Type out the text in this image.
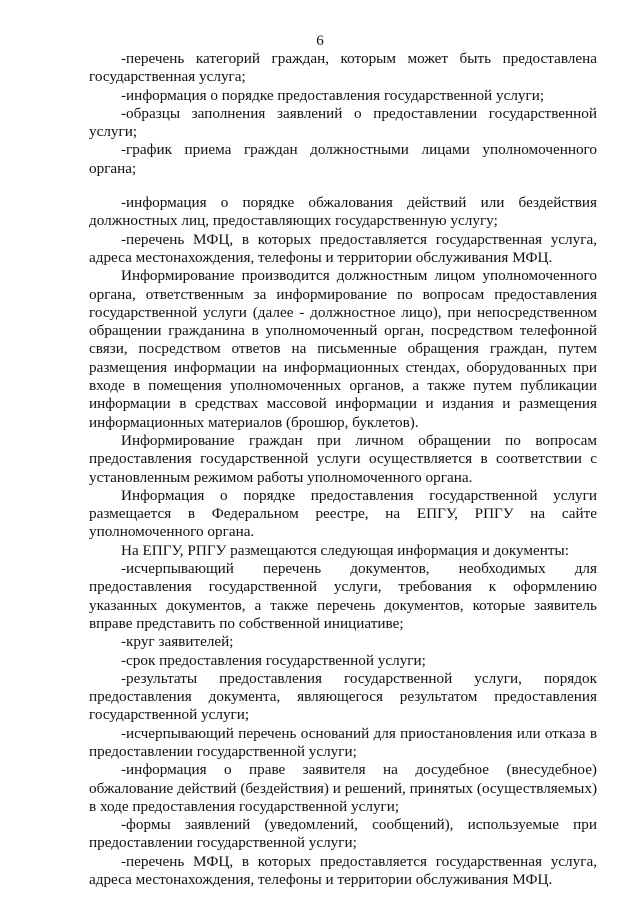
6

-перечень категорий граждан, которым может быть предоставлена государственная услуга;

-информация о порядке предоставления государственной услуги;

-образцы заполнения заявлений о предоставлении государственной услуги;

-график приема граждан должностными лицами уполномоченного органа;

-информация о порядке обжалования действий или бездействия должностных лиц, предоставляющих государственную услугу;

-перечень МФЦ, в которых предоставляется государственная услуга, адреса местонахождения, телефоны и территории обслуживания МФЦ.

Информирование производится должностным лицом уполномоченного органа, ответственным за информирование по вопросам предоставления государственной услуги (далее - должностное лицо), при непосредственном обращении гражданина в уполномоченный орган, посредством телефонной связи, посредством ответов на письменные обращения граждан, путем размещения информации на информационных стендах, оборудованных при входе в помещения уполномоченных органов, а также путем публикации информации в средствах массовой информации и издания и размещения информационных материалов (брошюр, буклетов).

Информирование граждан при личном обращении по вопросам предоставления государственной услуги осуществляется в соответствии с установленным режимом работы уполномоченного органа.

Информация о порядке предоставления государственной услуги размещается в Федеральном реестре, на ЕПГУ, РПГУ на сайте уполномоченного органа.

На ЕПГУ, РПГУ размещаются следующая информация и документы:

-исчерпывающий перечень документов, необходимых для предоставления государственной услуги, требования к оформлению указанных документов, а также перечень документов, которые заявитель вправе представить по собственной инициативе;

-круг заявителей;

-срок предоставления государственной услуги;

-результаты предоставления государственной услуги, порядок предоставления документа, являющегося результатом предоставления государственной услуги;

-исчерпывающий перечень оснований для приостановления или отказа в предоставлении государственной услуги;

-информация о праве заявителя на досудебное (внесудебное) обжалование действий (бездействия) и решений, принятых (осуществляемых) в ходе предоставления государственной услуги;

-формы заявлений (уведомлений, сообщений), используемые при предоставлении государственной услуги;

-перечень МФЦ, в которых предоставляется государственная услуга, адреса местонахождения, телефоны и территории обслуживания МФЦ.
